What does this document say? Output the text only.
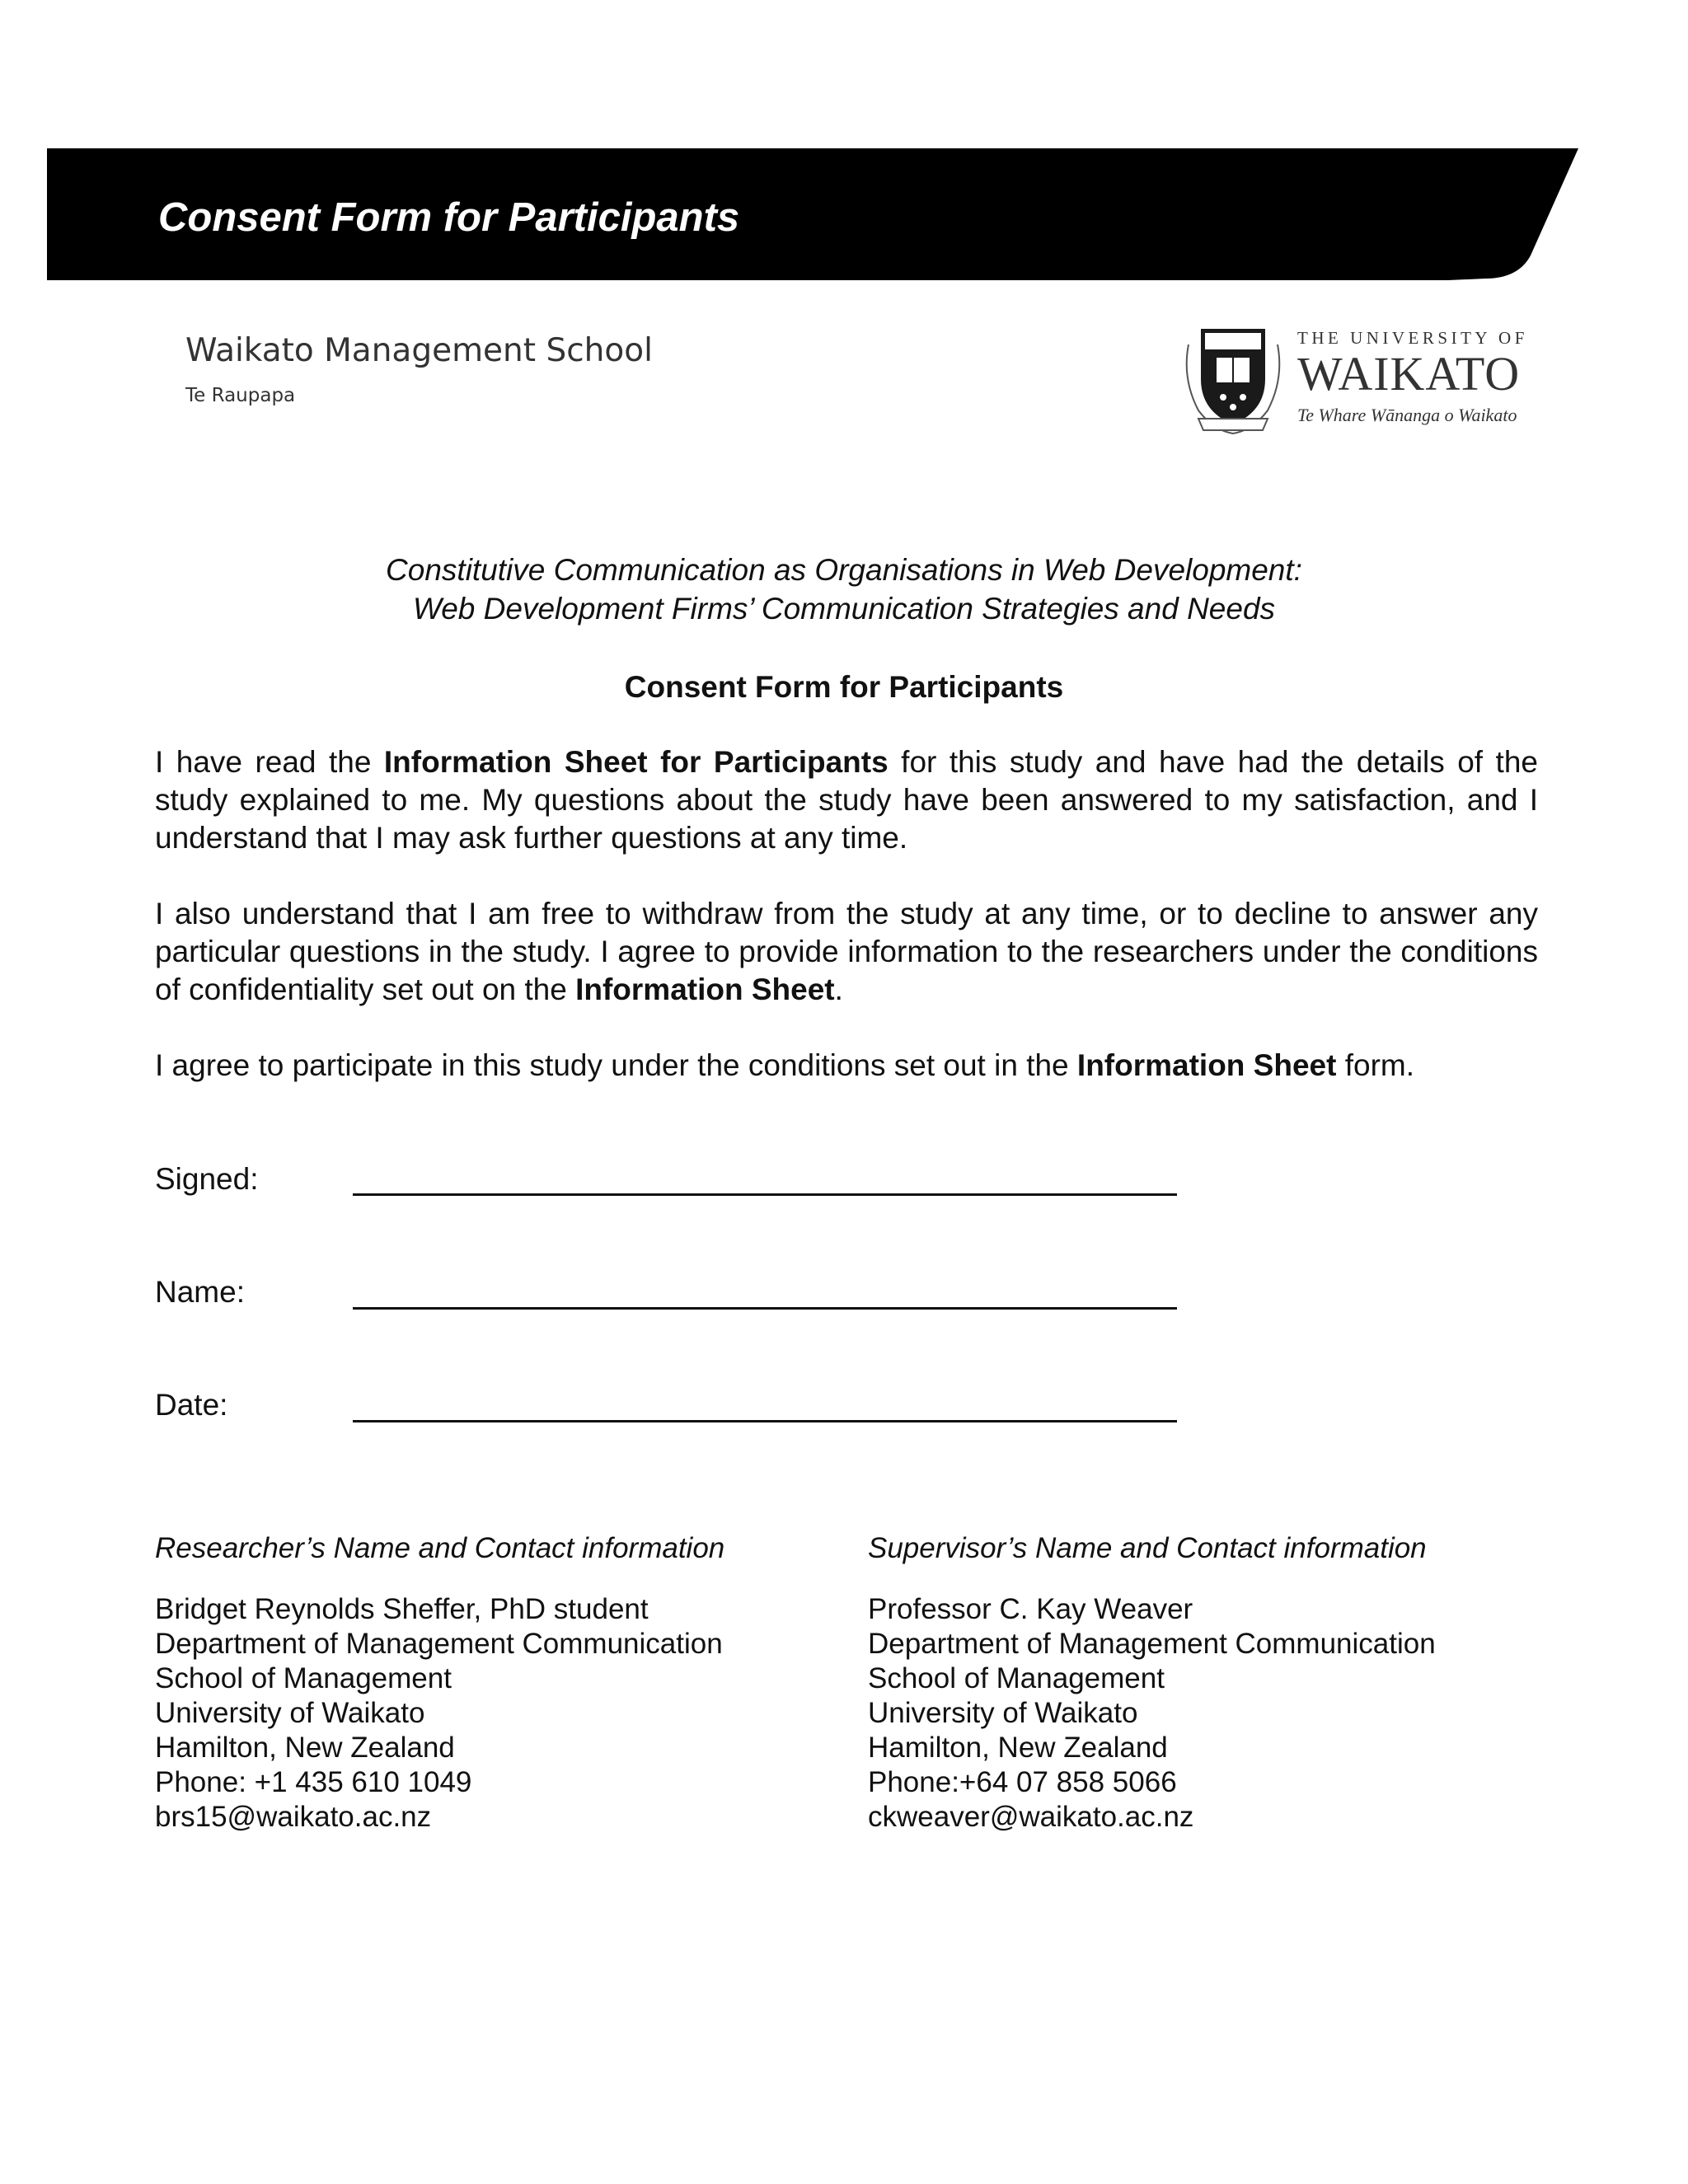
Consent Form for Participants
Waikato Management School
Te Raupapa
THE UNIVERSITY OF
WAIKATO
Te Whare Wānanga o Waikato
Constitutive Communication as Organisations in Web Development:
Web Development Firms’ Communication Strategies and Needs
Consent Form for Participants

I have read the Information Sheet for Participants for this study and have had the details of the study explained to me. My questions about the study have been answered to my satisfaction, and I understand that I may ask further questions at any time.

I also understand that I am free to withdraw from the study at any time, or to decline to answer any particular questions in the study. I agree to provide information to the researchers under the conditions of confidentiality set out on the Information Sheet.

I agree to participate in this study under the conditions set out in the Information Sheet form.

Signed:
Name:
Date:
Researcher’s Name and Contact information
Bridget Reynolds Sheffer, PhD student
Department of Management Communication
School of Management
University of Waikato
Hamilton, New Zealand
Phone: +1 435 610 1049
brs15@waikato.ac.nz
Supervisor’s Name and Contact information
Professor C. Kay Weaver
Department of Management Communication
School of Management
University of Waikato
Hamilton, New Zealand
Phone:+64 07 858 5066
ckweaver@waikato.ac.nz
